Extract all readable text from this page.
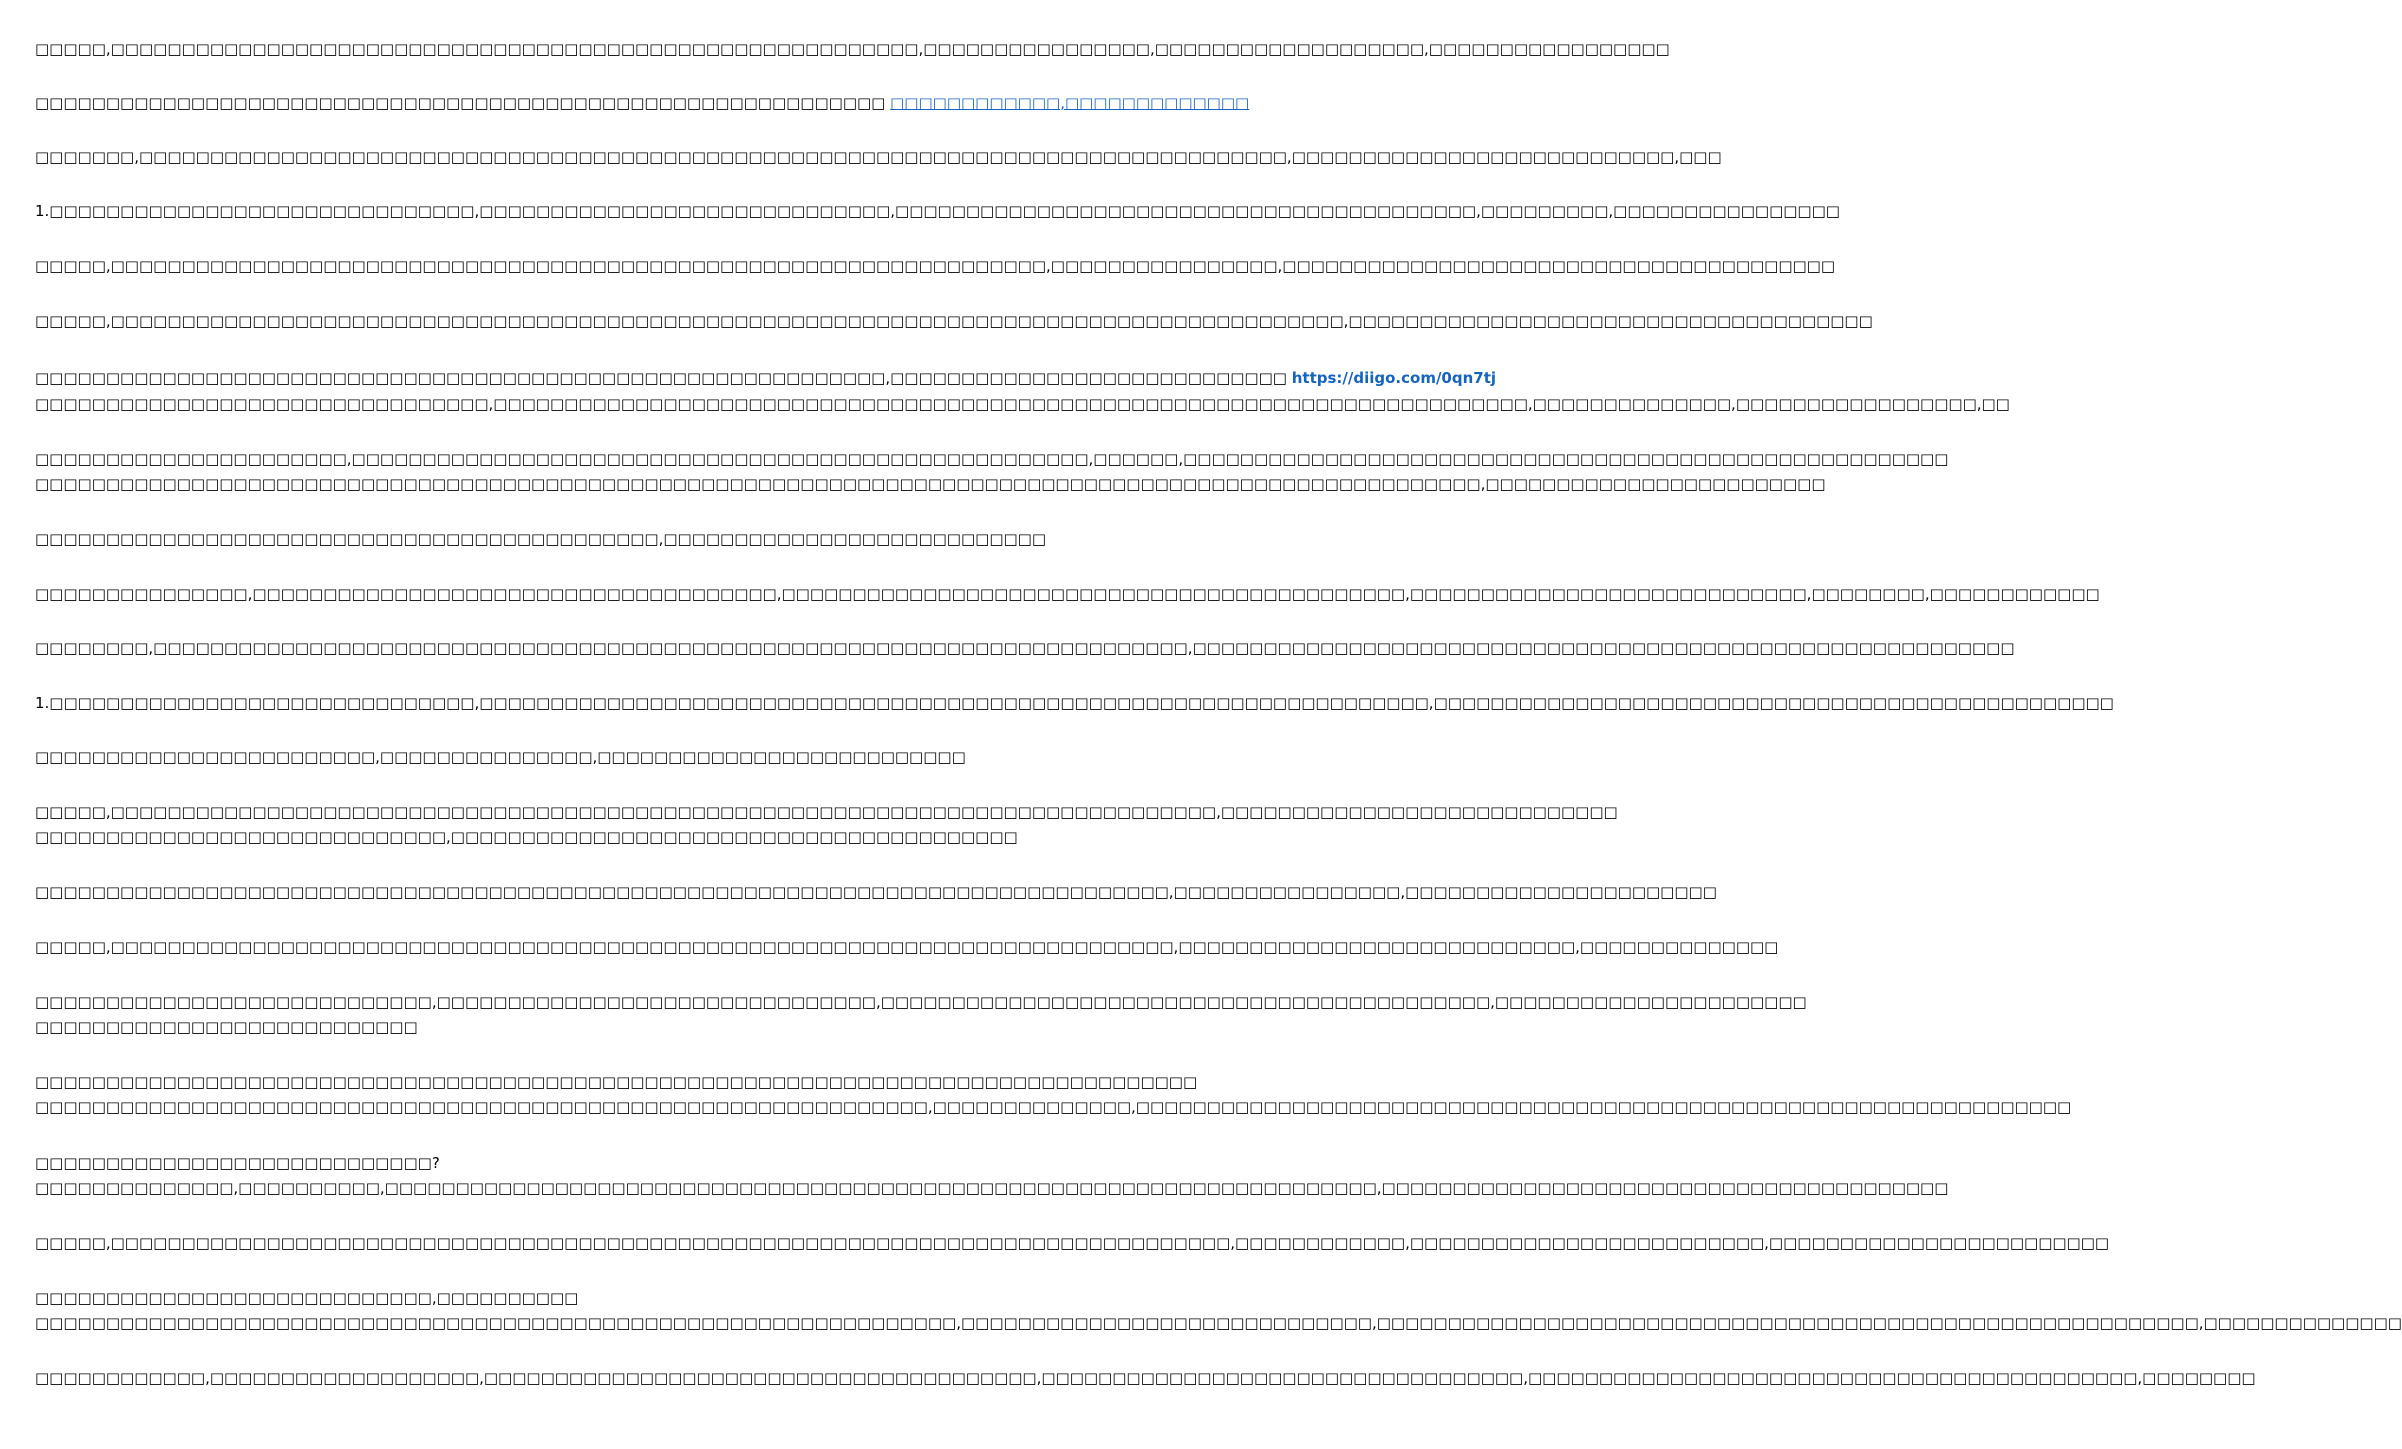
□□□□□,□□□□□□□□□□□□□□□□□□□□□□□□□□□□□□□□□□□□□□□□□□□□□□□□□□□□□□□□□,□□□□□□□□□□□□□□□□,□□□□□□□□□□□□□□□□□□□,□□□□□□□□□□□□□□□□□
□□□□□□□□□□□□□□□□□□□□□□□□□□□□□□□□□□□□□□□□□□□□□□□□□□□□□□□□□□□□ □□□□□□□□□□□□,□□□□□□□□□□□□□
□□□□□□□,□□□□□□□□□□□□□□□□□□□□□□□□□□□□□□□□□□□□□□□□□□□□□□□□□□□□□□□□□□□□□□□□□□□□□□□□□□□□□□□□□,□□□□□□□□□□□□□□□□□□□□□□□□□□□,□□□
1.□□□□□□□□□□□□□□□□□□□□□□□□□□□□□□,□□□□□□□□□□□□□□□□□□□□□□□□□□□□□,□□□□□□□□□□□□□□□□□□□□□□□□□□□□□□□□□□□□□□□□□,□□□□□□□□□,□□□□□□□□□□□□□□□□
□□□□□,□□□□□□□□□□□□□□□□□□□□□□□□□□□□□□□□□□□□□□□□□□□□□□□□□□□□□□□□□□□□□□□□□□,□□□□□□□□□□□□□□□□,□□□□□□□□□□□□□□□□□□□□□□□□□□□□□□□□□□□□□□□
□□□□□,□□□□□□□□□□□□□□□□□□□□□□□□□□□□□□□□□□□□□□□□□□□□□□□□□□□□□□□□□□□□□□□□□□□□□□□□□□□□□□□□□□□□□□□,□□□□□□□□□□□□□□□□□□□□□□□□□□□□□□□□□□□□□
□□□□□□□□□□□□□□□□□□□□□□□□□□□□□□□□□□□□□□□□□□□□□□□□□□□□□□□□□□□□,□□□□□□□□□□□□□□□□□□□□□□□□□□□□ https://diigo.com/0qn7tj
□□□□□□□□□□□□□□□□□□□□□□□□□□□□□□□□,□□□□□□□□□□□□□□□□□□□□□□□□□□□□□□□□□□□□□□□□□□□□□□□□□□□□□□□□□□□□□□□□□□□□□□□□□,□□□□□□□□□□□□□□,□□□□□□□□□□□□□□□□□,□□
□□□□□□□□□□□□□□□□□□□□□□,□□□□□□□□□□□□□□□□□□□□□□□□□□□□□□□□□□□□□□□□□□□□□□□□□□□□,□□□□□□,□□□□□□□□□□□□□□□□□□□□□□□□□□□□□□□□□□□□□□□□□□□□□□□□□□□□□□
□□□□□□□□□□□□□□□□□□□□□□□□□□□□□□□□□□□□□□□□□□□□□□□□□□□□□□□□□□□□□□□□□□□□□□□□□□□□□□□□□□□□□□□□□□□□□□□□□□□□□□,□□□□□□□□□□□□□□□□□□□□□□□□
□□□□□□□□□□□□□□□□□□□□□□□□□□□□□□□□□□□□□□□□□□□□,□□□□□□□□□□□□□□□□□□□□□□□□□□□
□□□□□□□□□□□□□□□,□□□□□□□□□□□□□□□□□□□□□□□□□□□□□□□□□□□□□,□□□□□□□□□□□□□□□□□□□□□□□□□□□□□□□□□□□□□□□□□□□□,□□□□□□□□□□□□□□□□□□□□□□□□□□□□,□□□□□□□□,□□□□□□□□□□□□
□□□□□□□□,□□□□□□□□□□□□□□□□□□□□□□□□□□□□□□□□□□□□□□□□□□□□□□□□□□□□□□□□□□□□□□□□□□□□□□□□□,□□□□□□□□□□□□□□□□□□□□□□□□□□□□□□□□□□□□□□□□□□□□□□□□□□□□□□□□□□
1.□□□□□□□□□□□□□□□□□□□□□□□□□□□□□□,□□□□□□□□□□□□□□□□□□□□□□□□□□□□□□□□□□□□□□□□□□□□□□□□□□□□□□□□□□□□□□□□□□□,□□□□□□□□□□□□□□□□□□□□□□□□□□□□□□□□□□□□□□□□□□□□□□□□
□□□□□□□□□□□□□□□□□□□□□□□□,□□□□□□□□□□□□□□□,□□□□□□□□□□□□□□□□□□□□□□□□□□
□□□□□,□□□□□□□□□□□□□□□□□□□□□□□□□□□□□□□□□□□□□□□□□□□□□□□□□□□□□□□□□□□□□□□□□□□□□□□□□□□□□□,□□□□□□□□□□□□□□□□□□□□□□□□□□□□
□□□□□□□□□□□□□□□□□□□□□□□□□□□□□,□□□□□□□□□□□□□□□□□□□□□□□□□□□□□□□□□□□□□□□□
□□□□□□□□□□□□□□□□□□□□□□□□□□□□□□□□□□□□□□□□□□□□□□□□□□□□□□□□□□□□□□□□□□□□□□□□□□□□□□□□,□□□□□□□□□□□□□□□□,□□□□□□□□□□□□□□□□□□□□□□
□□□□□,□□□□□□□□□□□□□□□□□□□□□□□□□□□□□□□□□□□□□□□□□□□□□□□□□□□□□□□□□□□□□□□□□□□□□□□□□□□,□□□□□□□□□□□□□□□□□□□□□□□□□□□□,□□□□□□□□□□□□□□
□□□□□□□□□□□□□□□□□□□□□□□□□□□□,□□□□□□□□□□□□□□□□□□□□□□□□□□□□□□□,□□□□□□□□□□□□□□□□□□□□□□□□□□□□□□□□□□□□□□□□□□□,□□□□□□□□□□□□□□□□□□□□□□
□□□□□□□□□□□□□□□□□□□□□□□□□□□
□□□□□□□□□□□□□□□□□□□□□□□□□□□□□□□□□□□□□□□□□□□□□□□□□□□□□□□□□□□□□□□□□□□□□□□□□□□□□□□□□□
□□□□□□□□□□□□□□□□□□□□□□□□□□□□□□□□□□□□□□□□□□□□□□□□□□□□□□□□□□□□□□□,□□□□□□□□□□□□□□,□□□□□□□□□□□□□□□□□□□□□□□□□□□□□□□□□□□□□□□□□□□□□□□□□□□□□□□□□□□□□□□□□□
□□□□□□□□□□□□□□□□□□□□□□□□□□□□?
□□□□□□□□□□□□□□,□□□□□□□□□□,□□□□□□□□□□□□□□□□□□□□□□□□□□□□□□□□□□□□□□□□□□□□□□□□□□□□□□□□□□□□□□□□□□□□□□,□□□□□□□□□□□□□□□□□□□□□□□□□□□□□□□□□□□□□□□□
□□□□□,□□□□□□□□□□□□□□□□□□□□□□□□□□□□□□□□□□□□□□□□□□□□□□□□□□□□□□□□□□□□□□□□□□□□□□□□□□□□□□□,□□□□□□□□□□□□,□□□□□□□□□□□□□□□□□□□□□□□□□,□□□□□□□□□□□□□□□□□□□□□□□□
□□□□□□□□□□□□□□□□□□□□□□□□□□□□,□□□□□□□□□□
□□□□□□□□□□□□□□□□□□□□□□□□□□□□□□□□□□□□□□□□□□□□□□□□□□□□□□□□□□□□□□□□□,□□□□□□□□□□□□□□□□□□□□□□□□□□□□□,□□□□□□□□□□□□□□□□□□□□□□□□□□□□□□□□□□□□□□□□□□□□□□□□□□□□□□□□□□,□□□□□□□□□□□□□□
□□□□□□□□□□□□,□□□□□□□□□□□□□□□□□□□,□□□□□□□□□□□□□□□□□□□□□□□□□□□□□□□□□□□□□□□,□□□□□□□□□□□□□□□□□□□□□□□□□□□□□□□□□□,□□□□□□□□□□□□□□□□□□□□□□□□□□□□□□□□□□□□□□□□□□□,□□□□□□□□
